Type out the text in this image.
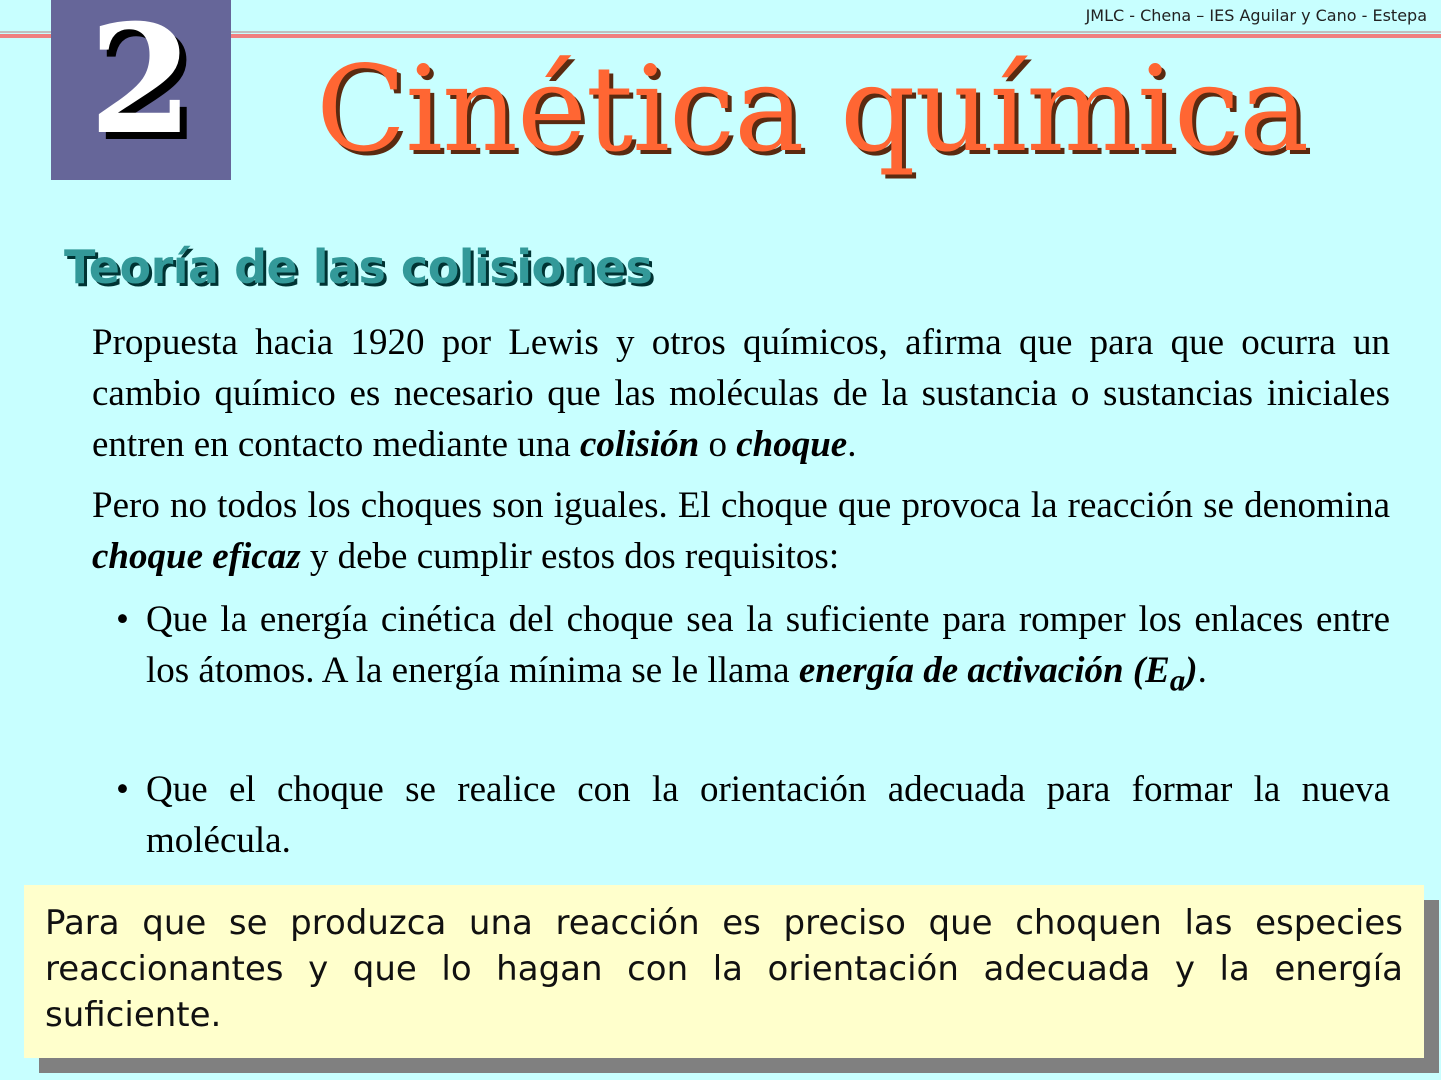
2	JMLC - Chena – IES Aguilar y Cano - Estepa
Cinética química
Teoría de las colisiones
Propuesta hacia 1920 por Lewis y otros químicos, afirma que para que ocurra un cambio químico es necesario que las moléculas de la sustancia o sustancias iniciales entren en contacto mediante una colisión o choque.
Pero no todos los choques son iguales. El choque que provoca la reacción se denomina choque eficaz y debe cumplir estos dos requisitos:
• Que la energía cinética del choque sea la suficiente para romper los enlaces entre los átomos. A la energía mínima se le llama energía de activación $(E_a)$.
• Que el choque se realice con la orientación adecuada para formar la nueva molécula.
Para que se produzca una reacción es preciso que choquen las especies reaccionantes y que lo hagan con la orientación adecuada y la energía suficiente.
